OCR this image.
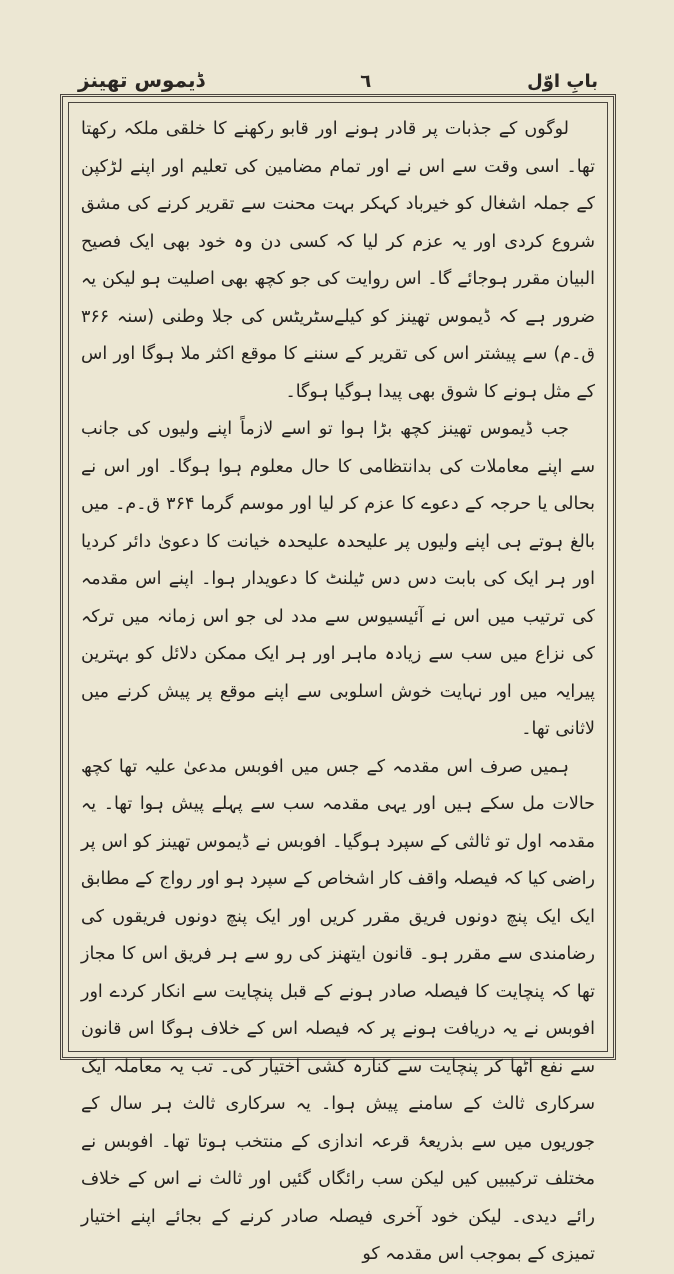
ڈیموس تھینز	٦	بابِ اوّل

لوگوں کے جذبات پر قادر ہونے اور قابو رکھنے کا خلقی ملکہ رکھتا تھا۔ اسی وقت سے اس نے اور تمام مضامین کی تعلیم اور اپنے لڑکپن کے جملہ اشغال کو خیرباد کہکر بہت محنت سے تقریر کرنے کی مشق شروع کردی اور یہ عزم کر لیا کہ کسی دن وہ خود بھی ایک فصیح البیان مقرر ہوجائے گا۔ اس روایت کی جو کچھ بھی اصلیت ہو لیکن یہ ضرور ہے کہ ڈیموس تھینز کو کیلےسٹریٹس کی جلا وطنی (سنہ ۳۶۶ ق۔م) سے پیشتر اس کی تقریر کے سننے کا موقع اکثر ملا ہوگا اور اس کے مثل ہونے کا شوق بھی پیدا ہوگیا ہوگا۔

جب ڈیموس تھینز کچھ بڑا ہوا تو اسے لازماً اپنے ولیوں کی جانب سے اپنے معاملات کی بدانتظامی کا حال معلوم ہوا ہوگا۔ اور اس نے بحالی یا حرجہ کے دعوے کا عزم کر لیا اور موسم گرما ۳۶۴ ق۔م۔ میں بالغ ہوتے ہی اپنے ولیوں پر علیحدہ علیحدہ خیانت کا دعویٰ دائر کردیا اور ہر ایک کی بابت دس دس ٹیلنٹ کا دعویدار ہوا۔ اپنے اس مقدمہ کی ترتیب میں اس نے آئیسیوس سے مدد لی جو اس زمانہ میں ترکہ کی نزاع میں سب سے زیادہ ماہر اور ہر ایک ممکن دلائل کو بہترین پیرایہ میں اور نہایت خوش اسلوبی سے اپنے موقع پر پیش کرنے میں لاثانی تھا۔

ہمیں صرف اس مقدمہ کے جس میں افوبس مدعیٰ علیہ تھا کچھ حالات مل سکے ہیں اور یہی مقدمہ سب سے پہلے پیش ہوا تھا۔ یہ مقدمہ اول تو ثالثی کے سپرد ہوگیا۔ افوبس نے ڈیموس تھینز کو اس پر راضی کیا کہ فیصلہ واقف کار اشخاص کے سپرد ہو اور رواج کے مطابق ایک ایک پنچ دونوں فریق مقرر کریں اور ایک پنچ دونوں فریقوں کی رضامندی سے مقرر ہو۔ قانون ایتھنز کی رو سے ہر فریق اس کا مجاز تھا کہ پنچایت کا فیصلہ صادر ہونے کے قبل پنچایت سے انکار کردے اور افوبس نے یہ دریافت ہونے پر کہ فیصلہ اس کے خلاف ہوگا اس قانون سے نفع اٹھا کر پنچایت سے کنارہ کشی اختیار کی۔ تب یہ معاملہ ایک سرکاری ثالث کے سامنے پیش ہوا۔ یہ سرکاری ثالث ہر سال کے جوریوں میں سے بذریعۂ قرعہ اندازی کے منتخب ہوتا تھا۔ افوبس نے مختلف ترکیبیں کیں لیکن سب رائگاں گئیں اور ثالث نے اس کے خلاف رائے دیدی۔ لیکن خود آخری فیصلہ صادر کرنے کے بجائے اپنے اختیار تمیزی کے بموجب اس مقدمہ کو
